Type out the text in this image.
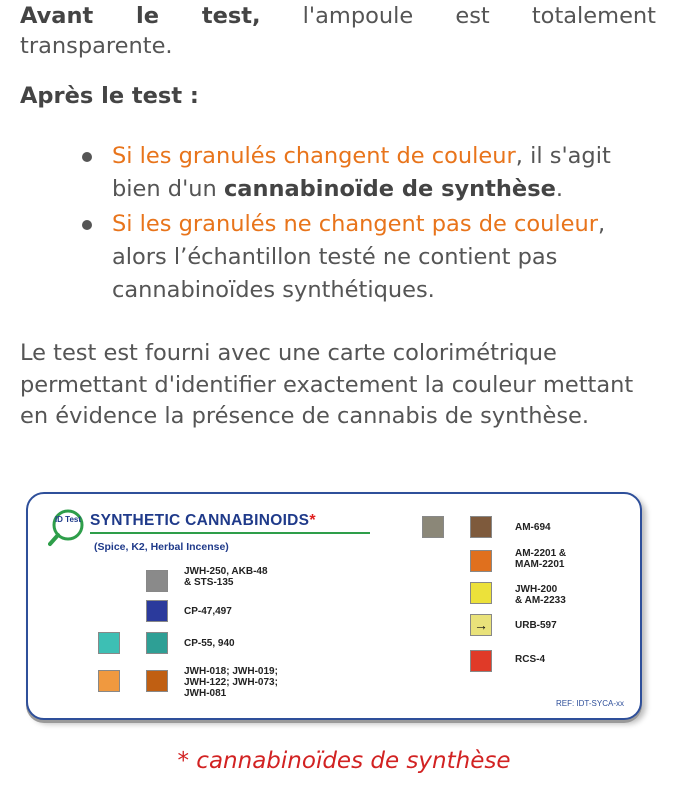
Avant le test, l'ampoule est totalement
transparente.
Après le test :
Si les granulés changent de couleur, il s'agit bien d'un cannabinoïde de synthèse.
Si les granulés ne changent pas de couleur, alors l’échantillon testé ne contient pas cannabinoïdes synthétiques.
Le test est fourni avec une carte colorimétrique permettant d'identifier exactement la couleur mettant en évidence la présence de cannabis de synthèse.
ID Test SYNTHETIC CANNABINOIDS*
(Spice, K2, Herbal Incense)
JWH-250, AKB-48
& STS-135
CP-47,497
CP-55, 940
JWH-018; JWH-019;
JWH-122; JWH-073;
JWH-081
AM-694
AM-2201 &
MAM-2201
JWH-200
& AM-2233
→	URB-597
RCS-4
REF: IDT-SYCA-xx
* cannabinoïdes de synthèse
